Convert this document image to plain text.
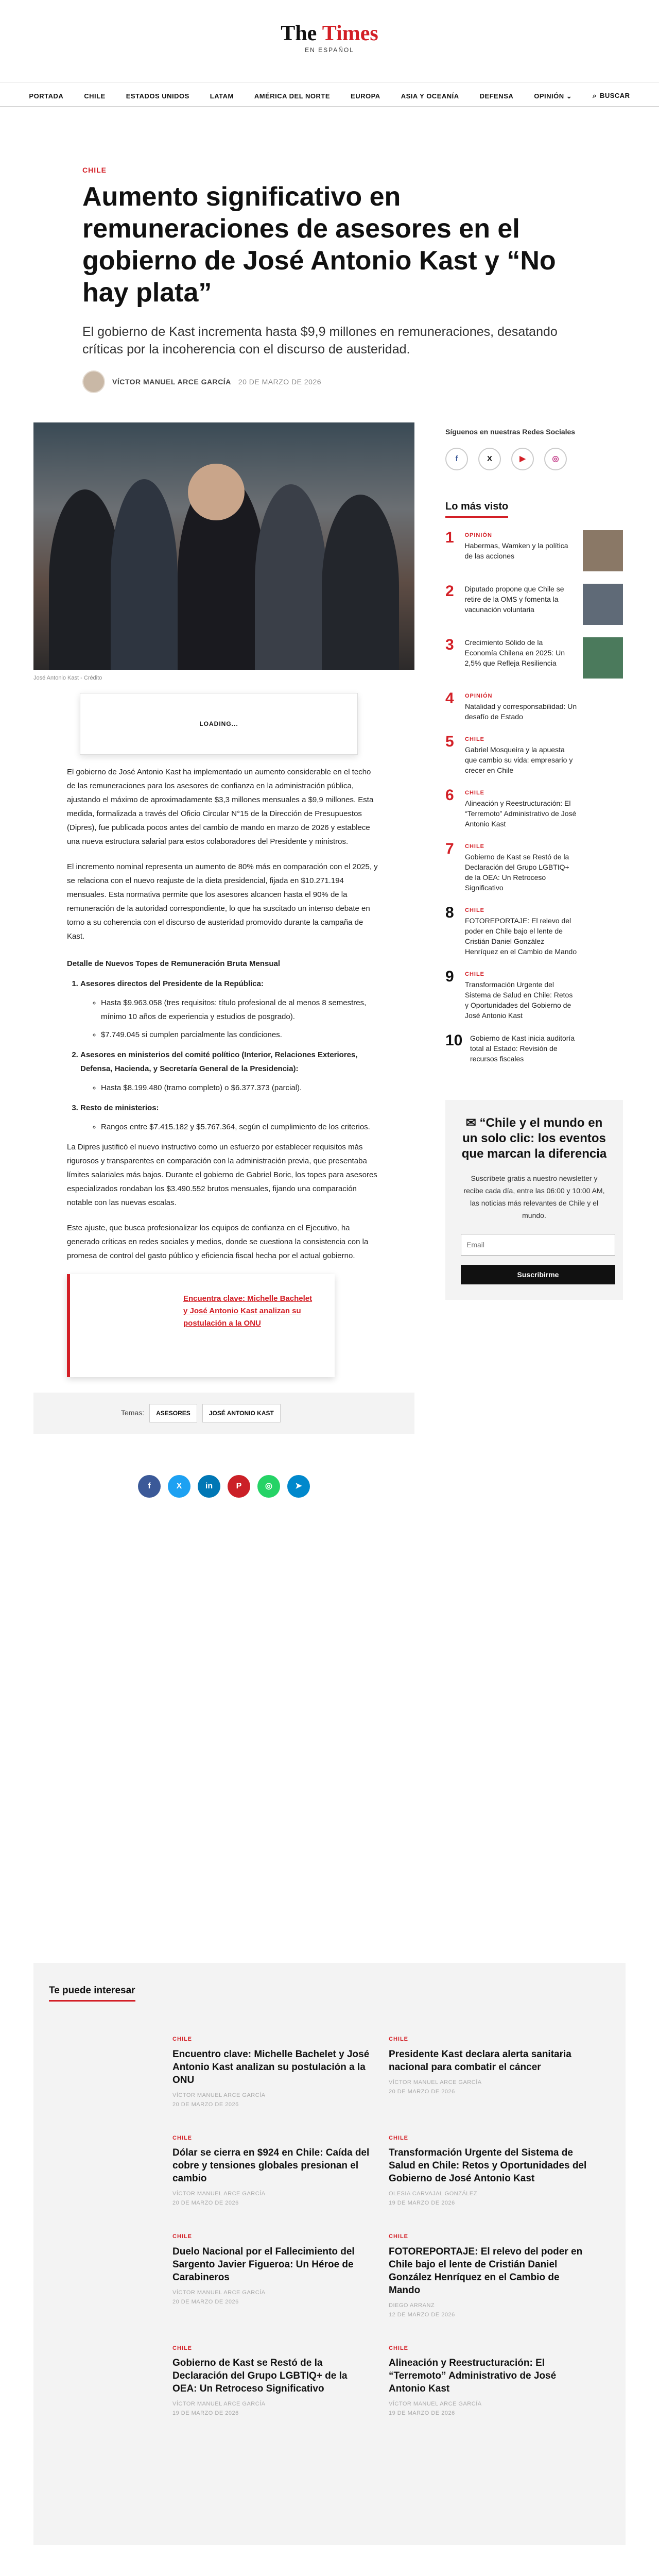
The Times
EN ESPAÑOL
PORTADA	CHILE	ESTADOS UNIDOS	LATAM	AMÉRICA DEL NORTE	EUROPA	ASIA Y OCEANÍA	DEFENSA	OPINIÓN ⌄	⌕ BUSCAR
CHILE
Aumento significativo en remuneraciones de asesores en el gobierno de José Antonio Kast y “No hay plata”

El gobierno de Kast incrementa hasta $9,9 millones en remuneraciones, desatando críticas por la incoherencia con el discurso de austeridad.

VÍCTOR MANUEL ARCE GARCÍA 20 DE MARZO DE 2026
José Antonio Kast - Crédito
LOADING...

El gobierno de José Antonio Kast ha implementado un aumento considerable en el techo de las remuneraciones para los asesores de confianza en la administración pública, ajustando el máximo de aproximadamente $3,3 millones mensuales a $9,9 millones. Esta medida, formalizada a través del Oficio Circular N°15 de la Dirección de Presupuestos (Dipres), fue publicada pocos antes del cambio de mando en marzo de 2026 y establece una nueva estructura salarial para estos colaboradores del Presidente y ministros.

El incremento nominal representa un aumento de 80% más en comparación con el 2025, y se relaciona con el nuevo reajuste de la dieta presidencial, fijada en $10.271.194 mensuales. Esta normativa permite que los asesores alcancen hasta el 90% de la remuneración de la autoridad correspondiente, lo que ha suscitado un intenso debate en torno a su coherencia con el discurso de austeridad promovido durante la campaña de Kast.

Detalle de Nuevos Topes de Remuneración Bruta Mensual
1. Asesores directos del Presidente de la República:
◦ Hasta $9.963.058 (tres requisitos: título profesional de al menos 8 semestres, mínimo 10 años de experiencia y estudios de posgrado).
◦ $7.749.045 si cumplen parcialmente las condiciones.
2. Asesores en ministerios del comité político (Interior, Relaciones Exteriores, Defensa, Hacienda, y Secretaría General de la Presidencia):
◦ Hasta $8.199.480 (tramo completo) o $6.377.373 (parcial).
3. Resto de ministerios:
◦ Rangos entre $7.415.182 y $5.767.364, según el cumplimiento de los criterios.

La Dipres justificó el nuevo instructivo como un esfuerzo por establecer requisitos más rigurosos y transparentes en comparación con la administración previa, que presentaba límites salariales más bajos. Durante el gobierno de Gabriel Boric, los topes para asesores especializados rondaban los $3.490.552 brutos mensuales, fijando una comparación notable con las nuevas escalas.

Este ajuste, que busca profesionalizar los equipos de confianza en el Ejecutivo, ha generado críticas en redes sociales y medios, donde se cuestiona la consistencia con la promesa de control del gasto público y eficiencia fiscal hecha por el actual gobierno.

Encuentra clave: Michelle Bachelet y José Antonio Kast analizan su postulación a la ONU
Temas:	ASESORES	JOSÉ ANTONIO KAST
f	X	in	P	◎	➤
Síguenos en nuestras Redes Sociales
f	X	▶	◎
Lo más visto
1	OPINIÓN
Habermas, Wamken y la política de las acciones
2	Diputado propone que Chile se retire de la OMS y fomenta la vacunación voluntaria
3	Crecimiento Sólido de la Economía Chilena en 2025: Un 2,5% que Refleja Resiliencia
4	OPINIÓN
Natalidad y corresponsabilidad: Un desafío de Estado
5	CHILE
Gabriel Mosqueira y la apuesta que cambio su vida: empresario y crecer en Chile
6	CHILE
Alineación y Reestructuración: El “Terremoto” Administrativo de José Antonio Kast
7	CHILE
Gobierno de Kast se Restó de la Declaración del Grupo LGBTIQ+ de la OEA: Un Retroceso Significativo
8	CHILE
FOTOREPORTAJE: El relevo del poder en Chile bajo el lente de Cristián Daniel González Henríquez en el Cambio de Mando
9	CHILE
Transformación Urgente del Sistema de Salud en Chile: Retos y Oportunidades del Gobierno de José Antonio Kast
10 Gobierno de Kast inicia auditoría total al Estado: Revisión de recursos fiscales
✉ “Chile y el mundo en un solo clic: los eventos que marcan la diferencia

Suscríbete gratis a nuestro newsletter y recibe cada día, entre las 06:00 y 10:00 AM, las noticias más relevantes de Chile y el mundo.

Email Suscribirme
Te puede interesar
CHILE
Encuentro clave: Michelle Bachelet y José Antonio Kast analizan su postulación a la ONU
VÍCTOR MANUEL ARCE GARCÍA
20 DE MARZO DE 2026
CHILE
Presidente Kast declara alerta sanitaria nacional para combatir el cáncer
VÍCTOR MANUEL ARCE GARCÍA
20 DE MARZO DE 2026
CHILE
Dólar se cierra en $924 en Chile: Caída del cobre y tensiones globales presionan el cambio
VÍCTOR MANUEL ARCE GARCÍA
20 DE MARZO DE 2026
CHILE
Transformación Urgente del Sistema de Salud en Chile: Retos y Oportunidades del Gobierno de José Antonio Kast
OLESIA CARVAJAL GONZÁLEZ
19 DE MARZO DE 2026
CHILE
Duelo Nacional por el Fallecimiento del Sargento Javier Figueroa: Un Héroe de Carabineros
VÍCTOR MANUEL ARCE GARCÍA
20 DE MARZO DE 2026
CHILE
FOTOREPORTAJE: El relevo del poder en Chile bajo el lente de Cristián Daniel González Henríquez en el Cambio de Mando
DIEGO ARRANZ
12 DE MARZO DE 2026
CHILE
Gobierno de Kast se Restó de la Declaración del Grupo LGBTIQ+ de la OEA: Un Retroceso Significativo
VÍCTOR MANUEL ARCE GARCÍA
19 DE MARZO DE 2026
CHILE
Alineación y Reestructuración: El “Terremoto” Administrativo de José Antonio Kast
VÍCTOR MANUEL ARCE GARCÍA
19 DE MARZO DE 2026
